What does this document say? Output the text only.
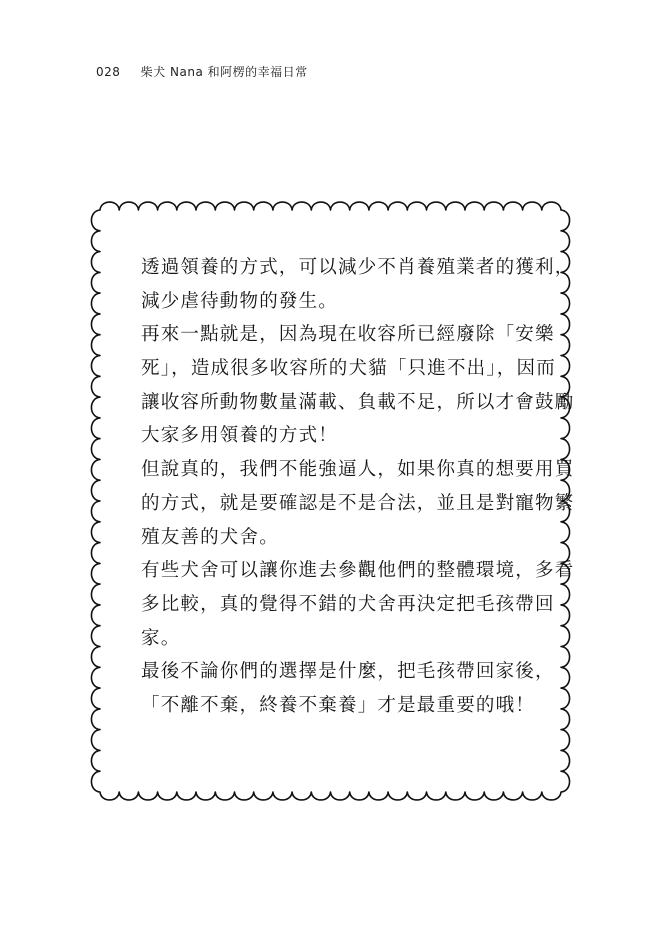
028 柴犬 Nana 和阿楞的幸福日常
透過領養的方式，可以減少不肖養殖業者的獲利，
減少虐待動物的發生。
再來一點就是，因為現在收容所已經廢除「安樂
死」，造成很多收容所的犬貓「只進不出」，因而
讓收容所動物數量滿載、負載不足，所以才會鼓勵
大家多用領養的方式！
但說真的，我們不能強逼人，如果你真的想要用買
的方式，就是要確認是不是合法，並且是對寵物繁
殖友善的犬舍。
有些犬舍可以讓你進去參觀他們的整體環境，多看
多比較，真的覺得不錯的犬舍再決定把毛孩帶回
家。
最後不論你們的選擇是什麼，把毛孩帶回家後，
「不離不棄，終養不棄養」才是最重要的哦！
